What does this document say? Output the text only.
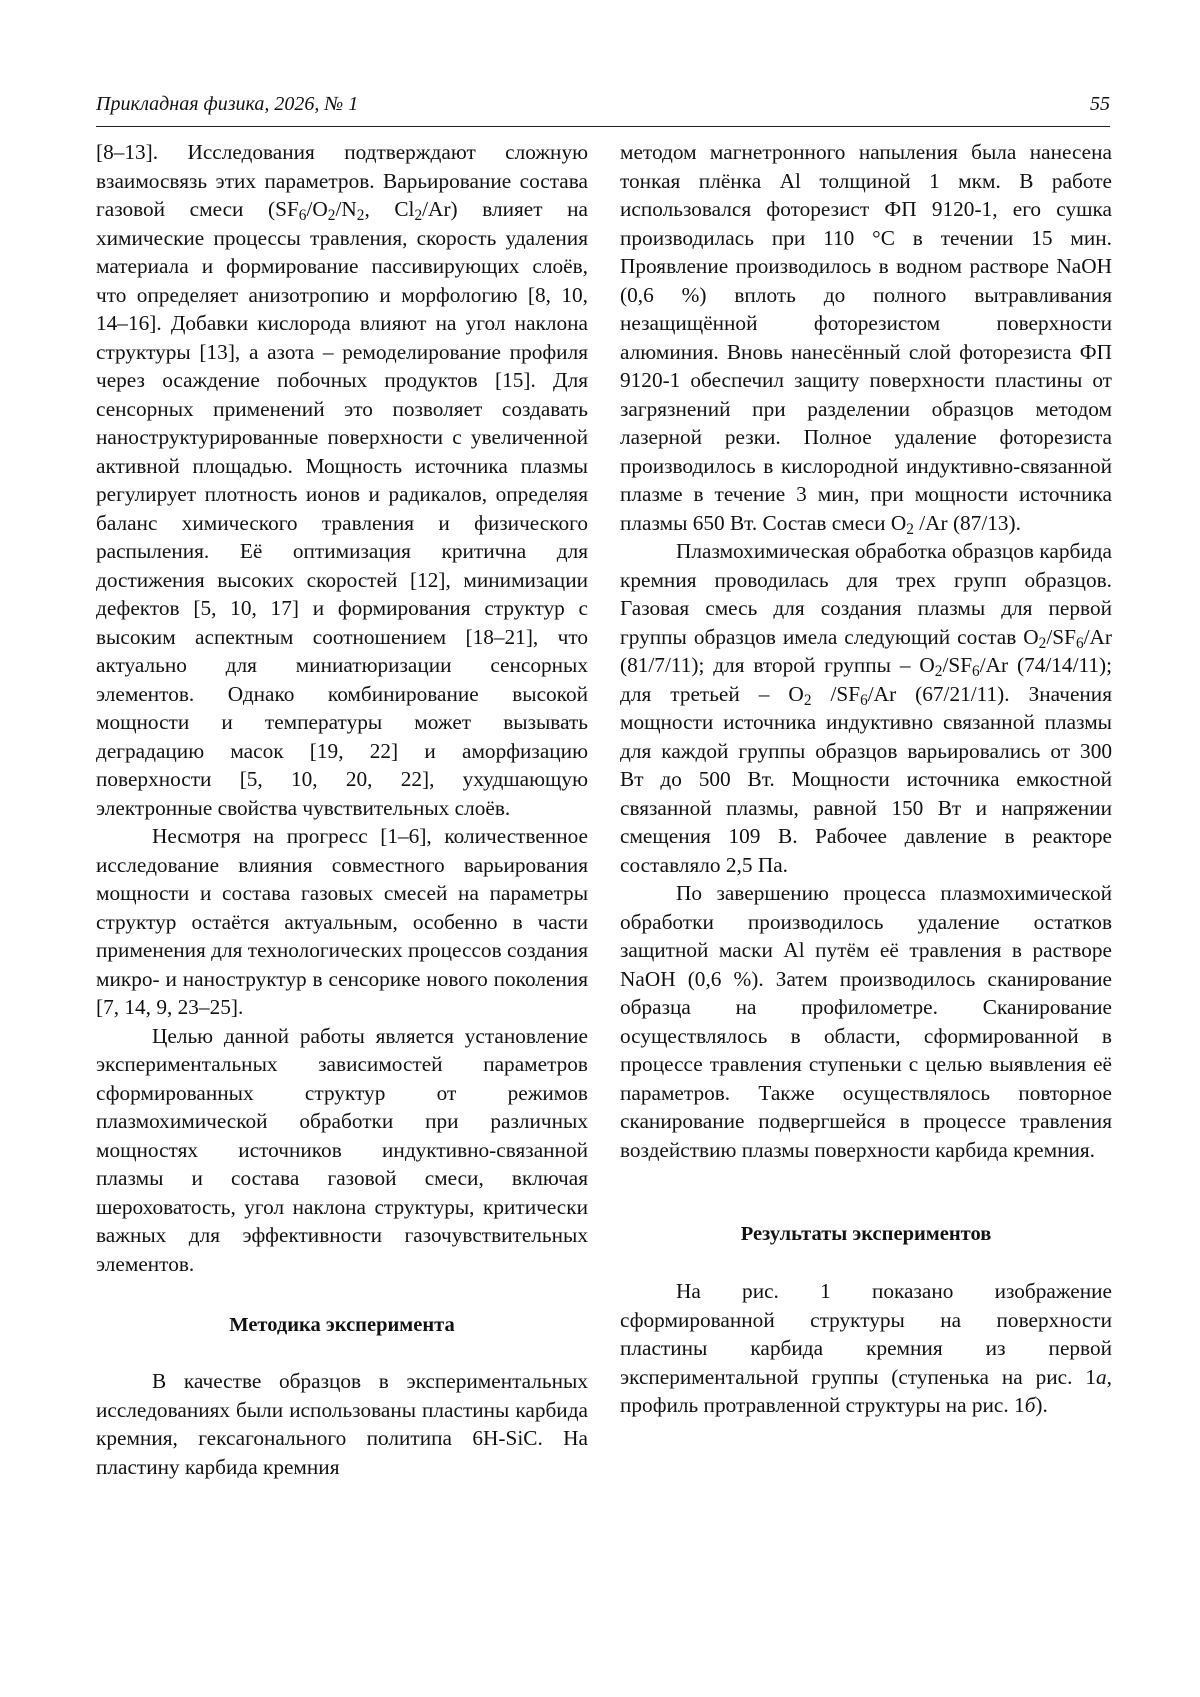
Прикладная физика, 2026, № 1	55

[8–13]. Исследования подтверждают сложную взаимосвязь этих параметров. Варьирование состава газовой смеси ($SF_6/O_2/N_2$, $Cl_2/Ar$) влияет на химические процессы травления, скорость удаления материала и формирование пассивирующих слоёв, что определяет анизотропию и морфологию [8, 10, 14–16]. Добавки кислорода влияют на угол наклона структуры [13], а азота – ремоделирование профиля через осаждение побочных продуктов [15]. Для сенсорных применений это позволяет создавать наноструктурированные поверхности с увеличенной активной площадью. Мощность источника плазмы регулирует плотность ионов и радикалов, определяя баланс химического травления и физического распыления. Её оптимизация критична для достижения высоких скоростей [12], минимизации дефектов [5, 10, 17] и формирования структур с высоким аспектным соотношением [18–21], что актуально для миниатюризации сенсорных элементов. Однако комбинирование высокой мощности и температуры может вызывать деградацию масок [19, 22] и аморфизацию поверхности [5, 10, 20, 22], ухудшающую электронные свойства чувствительных слоёв.

Несмотря на прогресс [1–6], количественное исследование влияния совместного варьирования мощности и состава газовых смесей на параметры структур остаётся актуальным, особенно в части применения для технологических процессов создания микро- и наноструктур в сенсорике нового поколения [7, 14, 9, 23–25].

Целью данной работы является установление экспериментальных зависимостей параметров сформированных структур от режимов плазмохимической обработки при различных мощностях источников индуктивно-связанной плазмы и состава газовой смеси, включая шероховатость, угол наклона структуры, критически важных для эффективности газочувствительных элементов.

Методика эксперимента

В качестве образцов в экспериментальных исследованиях были использованы пластины карбида кремния, гексагонального политипа 6H-SiC. На пластину карбида кремния

методом магнетронного напыления была нанесена тонкая плёнка Al толщиной 1 мкм. В работе использовался фоторезист ФП 9120-1, его сушка производилась при 110 °C в течении 15 мин. Проявление производилось в водном растворе NaOH (0,6 %) вплоть до полного вытравливания незащищённой фоторезистом поверхности алюминия. Вновь нанесённый слой фоторезиста ФП 9120-1 обеспечил защиту поверхности пластины от загрязнений при разделении образцов методом лазерной резки. Полное удаление фоторезиста производилось в кислородной индуктивно-связанной плазме в течение 3 мин, при мощности источника плазмы 650 Вт. Состав смеси $O_2$ /Ar (87/13).

Плазмохимическая обработка образцов карбида кремния проводилась для трех групп образцов. Газовая смесь для создания плазмы для первой группы образцов имела следующий состав $O_2/SF_6/Ar$ (81/7/11); для второй группы – $O_2/SF_6/Ar$ (74/14/11); для третьей – $O_2$ $/SF_6/Ar$ (67/21/11). Значения мощности источника индуктивно связанной плазмы для каждой группы образцов варьировались от 300 Вт до 500 Вт. Мощности источника емкостной связанной плазмы, равной 150 Вт и напряжении смещения 109 В. Рабочее давление в реакторе составляло 2,5 Па.

По завершению процесса плазмохимической обработки производилось удаление остатков защитной маски Al путём её травления в растворе NaOH (0,6 %). Затем производилось сканирование образца на профилометре. Сканирование осуществлялось в области, сформированной в процессе травления ступеньки с целью выявления её параметров. Также осуществлялось повторное сканирование подвергшейся в процессе травления воздействию плазмы поверхности карбида кремния.

Результаты экспериментов

На рис. 1 показано изображение сформированной структуры на поверхности пластины карбида кремния из первой экспериментальной группы (ступенька на рис. 1а, профиль протравленной структуры на рис. 1б).
